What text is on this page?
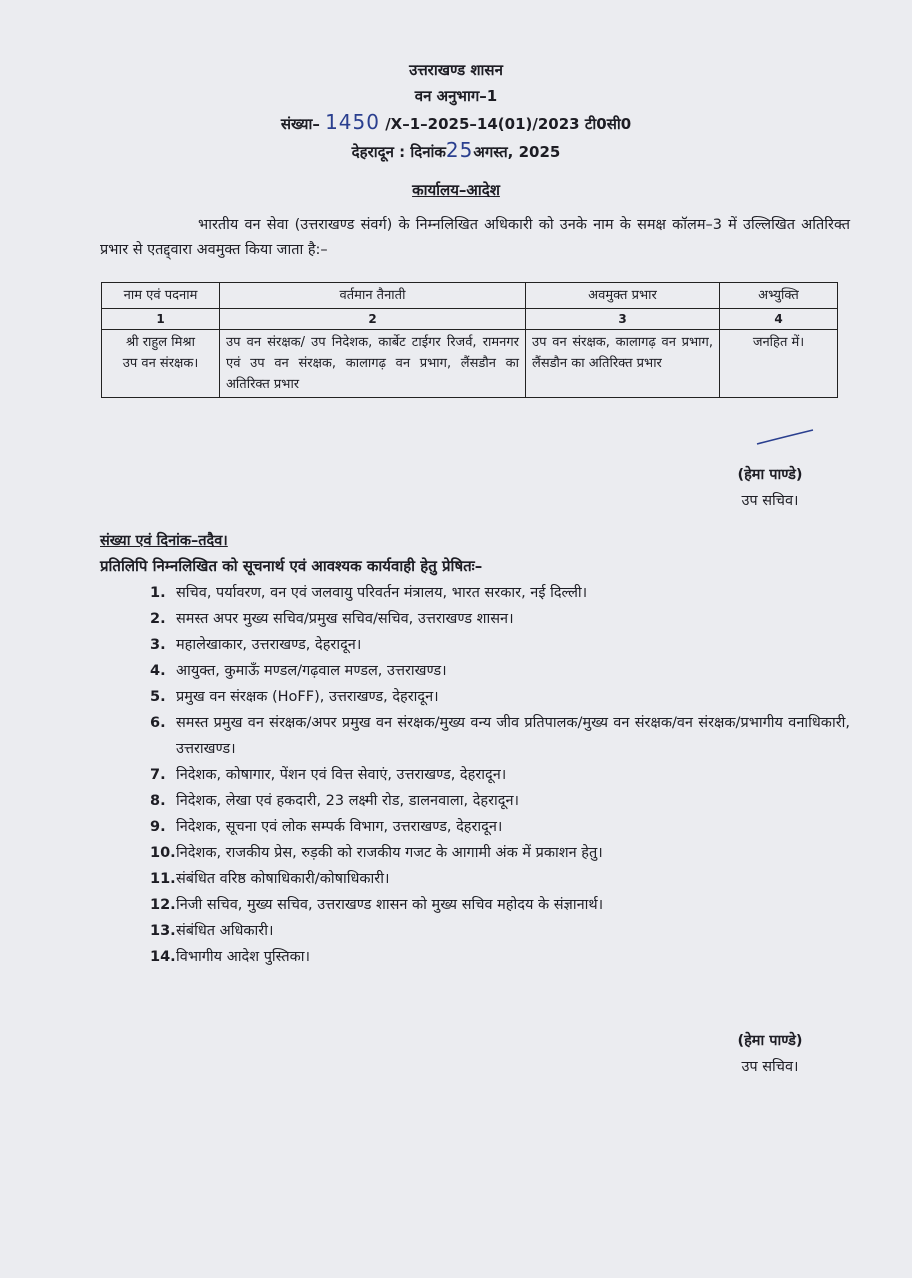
उत्तराखण्ड शासन
वन अनुभाग–1
संख्या– 1450 /X–1–2025–14(01)/2023 टी0सी0
देहरादून : दिनांक25अगस्त, 2025
कार्यालय–आदेश
भारतीय वन सेवा (उत्तराखण्ड संवर्ग) के निम्नलिखित अधिकारी को उनके नाम के समक्ष कॉलम–3 में उल्लिखित अतिरिक्त प्रभार से एतद्द्वारा अवमुक्त किया जाता है:–
नाम एवं पदनाम	वर्तमान तैनाती	अवमुक्त प्रभार	अभ्युक्ति
1	2	3	4

श्री राहुल मिश्रा
उप वन संरक्षक।	उप वन संरक्षक/ उप निदेशक, कार्बेट टाईगर रिजर्व, रामनगर एवं उप वन संरक्षक, कालागढ़ वन प्रभाग, लैंसडौन का अतिरिक्त प्रभार	उप वन संरक्षक, कालागढ़ वन प्रभाग, लैंसडौन का अतिरिक्त प्रभार	जनहित में।
(हेमा पाण्डे)
उप सचिव।
संख्या एवं दिनांक–तदैव।
प्रतिलिपि निम्नलिखित को सूचनार्थ एवं आवश्यक कार्यवाही हेतु प्रेषितः–
1. सचिव, पर्यावरण, वन एवं जलवायु परिवर्तन मंत्रालय, भारत सरकार, नई दिल्ली।
2. समस्त अपर मुख्य सचिव/प्रमुख सचिव/सचिव, उत्तराखण्ड शासन।
3. महालेखाकार, उत्तराखण्ड, देहरादून।
4. आयुक्त, कुमाऊँ मण्डल/गढ़वाल मण्डल, उत्तराखण्ड।
5. प्रमुख वन संरक्षक (HoFF), उत्तराखण्ड, देहरादून।
6. समस्त प्रमुख वन संरक्षक/अपर प्रमुख वन संरक्षक/मुख्य वन्य जीव प्रतिपालक/मुख्य वन संरक्षक/वन संरक्षक/प्रभागीय वनाधिकारी, उत्तराखण्ड।
7. निदेशक, कोषागार, पेंशन एवं वित्त सेवाएं, उत्तराखण्ड, देहरादून।
8. निदेशक, लेखा एवं हकदारी, 23 लक्ष्मी रोड, डालनवाला, देहरादून।
9. निदेशक, सूचना एवं लोक सम्पर्क विभाग, उत्तराखण्ड, देहरादून।
10. निदेशक, राजकीय प्रेस, रुड़की को राजकीय गजट के आगामी अंक में प्रकाशन हेतु।
11. संबंधित वरिष्ठ कोषाधिकारी/कोषाधिकारी।
12. निजी सचिव, मुख्य सचिव, उत्तराखण्ड शासन को मुख्य सचिव महोदय के संज्ञानार्थ।
13. संबंधित अधिकारी।
14. विभागीय आदेश पुस्तिका।
(हेमा पाण्डे)
उप सचिव।
